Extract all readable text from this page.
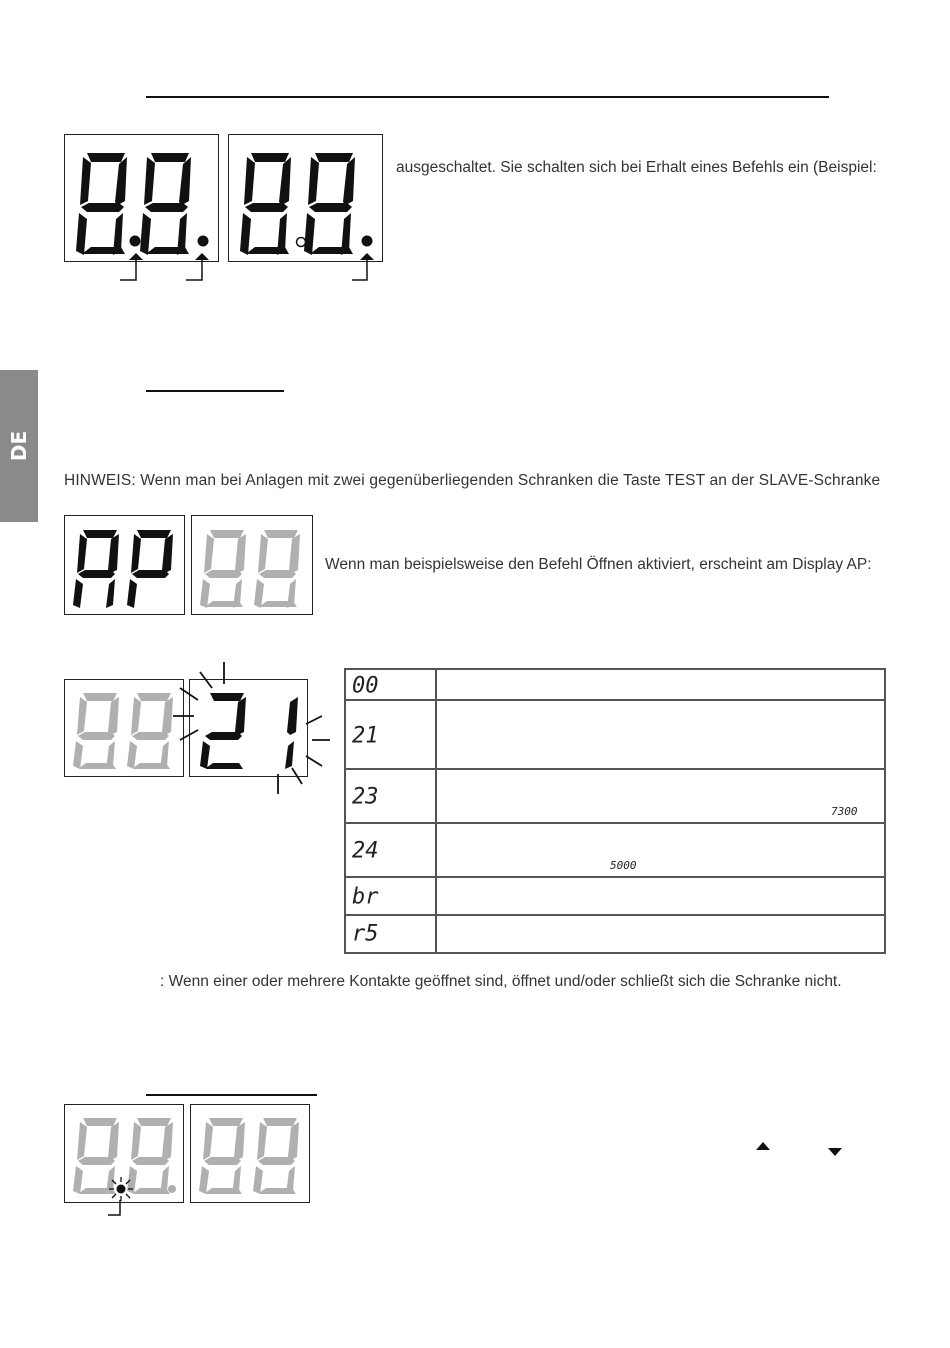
DE
ausgeschaltet. Sie schalten sich bei Erhalt eines Befehls ein (Beispiel:
HINWEIS: Wenn man bei Anlagen mit zwei gegenüberliegenden Schranken die Taste TEST an der SLAVE-Schranke
Wenn man beispielsweise den Befehl Öffnen aktiviert, erscheint am Display AP:
00
21
23
7300
24
5000
br
r5
: Wenn einer oder mehrere Kontakte geöffnet sind, öffnet und/oder schließt sich die Schranke nicht.
